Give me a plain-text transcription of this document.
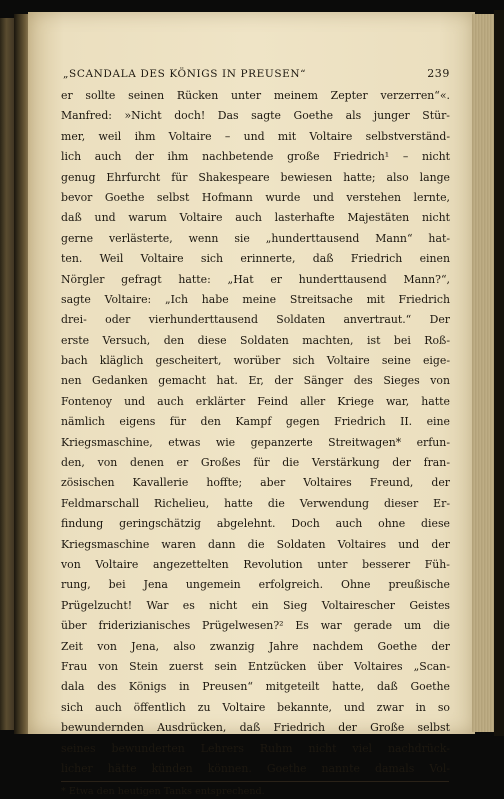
„SCANDALA DES KÖNIGS IN PREUSEN“	239
er sollte seinen Rücken unter meinem Zepter verzerren“«.
Manfred: »Nicht doch! Das sagte Goethe als junger Stür-
mer, weil ihm Voltaire – und mit Voltaire selbstverständ-
lich auch der ihm nachbetende große Friedrich¹ – nicht
genug Ehrfurcht für Shakespeare bewiesen hatte; also lange
bevor Goethe selbst Hofmann wurde und verstehen lernte,
daß und warum Voltaire auch lasterhafte Majestäten nicht
gerne verlästerte, wenn sie „hunderttausend Mann“ hat-
ten. Weil Voltaire sich erinnerte, daß Friedrich einen
Nörgler gefragt hatte: „Hat er hunderttausend Mann?“,
sagte Voltaire: „Ich habe meine Streitsache mit Friedrich
drei- oder vierhunderttausend Soldaten anvertraut.“ Der
erste Versuch, den diese Soldaten machten, ist bei Roß-
bach kläglich gescheitert, worüber sich Voltaire seine eige-
nen Gedanken gemacht hat. Er, der Sänger des Sieges von
Fontenoy und auch erklärter Feind aller Kriege war, hatte
nämlich eigens für den Kampf gegen Friedrich II. eine
Kriegsmaschine, etwas wie gepanzerte Streitwagen* erfun-
den, von denen er Großes für die Verstärkung der fran-
zösischen Kavallerie hoffte; aber Voltaires Freund, der
Feldmarschall Richelieu, hatte die Verwendung dieser Er-
findung geringschätzig abgelehnt. Doch auch ohne diese
Kriegsmaschine waren dann die Soldaten Voltaires und der
von Voltaire angezettelten Revolution unter besserer Füh-
rung, bei Jena ungemein erfolgreich. Ohne preußische
Prügelzucht! War es nicht ein Sieg Voltairescher Geistes
über friderizianisches Prügelwesen?² Es war gerade um die
Zeit von Jena, also zwanzig Jahre nachdem Goethe der
Frau von Stein zuerst sein Entzücken über Voltaires „Scan-
dala des Königs in Preusen“ mitgeteilt hatte, daß Goethe
sich auch öffentlich zu Voltaire bekannte, und zwar in so
bewundernden Ausdrücken, daß Friedrich der Große selbst
seines bewunderten Lehrers Ruhm nicht viel nachdrück-
licher hätte künden können. Goethe nannte damals Vol-
* Etwa den heutigen Tanks entsprechend.
